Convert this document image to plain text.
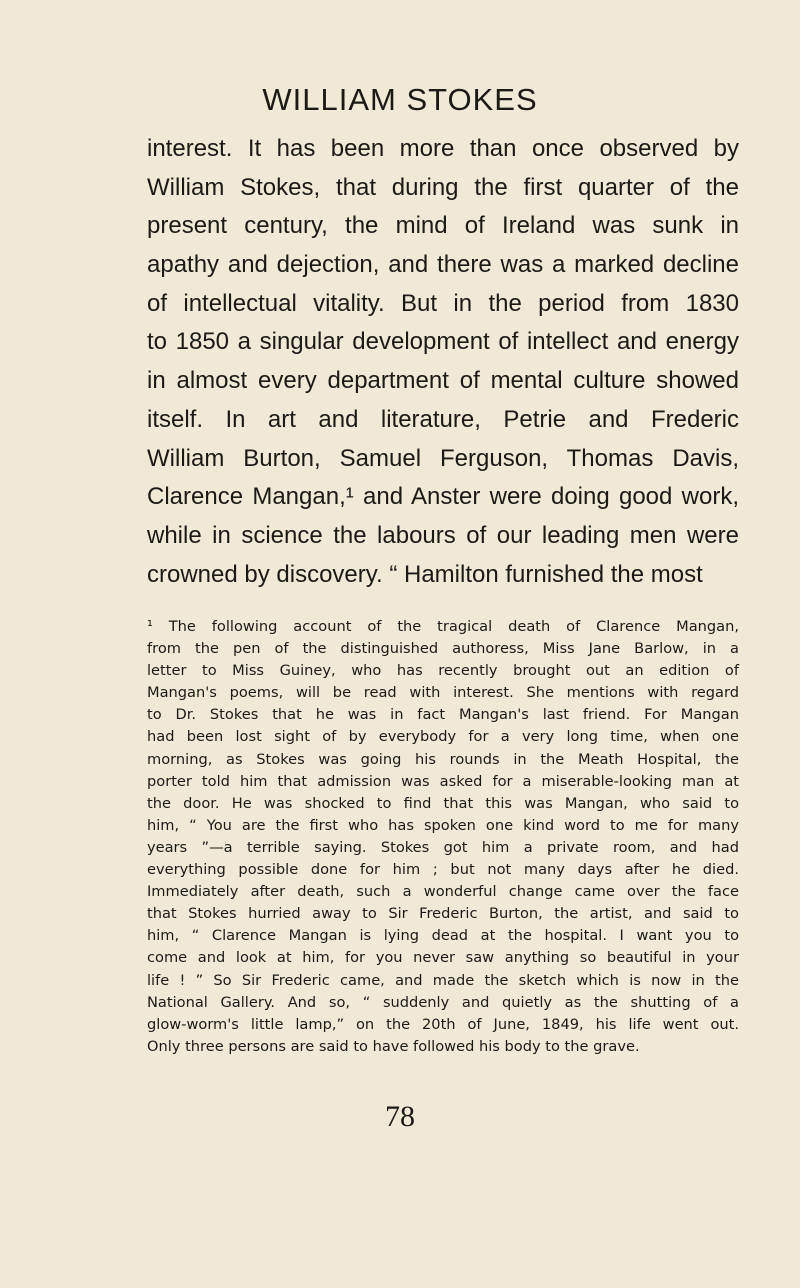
WILLIAM STOKES
interest. It has been more than once observed by
William Stokes, that during the first quarter of the
present century, the mind of Ireland was sunk in
apathy and dejection, and there was a marked decline
of intellectual vitality. But in the period from 1830
to 1850 a singular development of intellect and energy
in almost every department of mental culture showed
itself. In art and literature, Petrie and Frederic
William Burton, Samuel Ferguson, Thomas Davis,
Clarence Mangan,¹ and Anster were doing good work,
while in science the labours of our leading men were
crowned by discovery. “ Hamilton furnished the most
¹ The following account of the tragical death of Clarence Mangan,
from the pen of the distinguished authoress, Miss Jane Barlow, in a
letter to Miss Guiney, who has recently brought out an edition of
Mangan's poems, will be read with interest. She mentions with regard
to Dr. Stokes that he was in fact Mangan's last friend. For Mangan
had been lost sight of by everybody for a very long time, when one
morning, as Stokes was going his rounds in the Meath Hospital, the
porter told him that admission was asked for a miserable-looking man at
the door. He was shocked to find that this was Mangan, who said to
him, “ You are the first who has spoken one kind word to me for many
years ”—a terrible saying. Stokes got him a private room, and had
everything possible done for him ; but not many days after he died.
Immediately after death, such a wonderful change came over the face
that Stokes hurried away to Sir Frederic Burton, the artist, and said to
him, “ Clarence Mangan is lying dead at the hospital. I want you to
come and look at him, for you never saw anything so beautiful in your
life ! ” So Sir Frederic came, and made the sketch which is now in the
National Gallery. And so, “ suddenly and quietly as the shutting of a
glow-worm's little lamp,” on the 20th of June, 1849, his life went out.
Only three persons are said to have followed his body to the grave.
78
